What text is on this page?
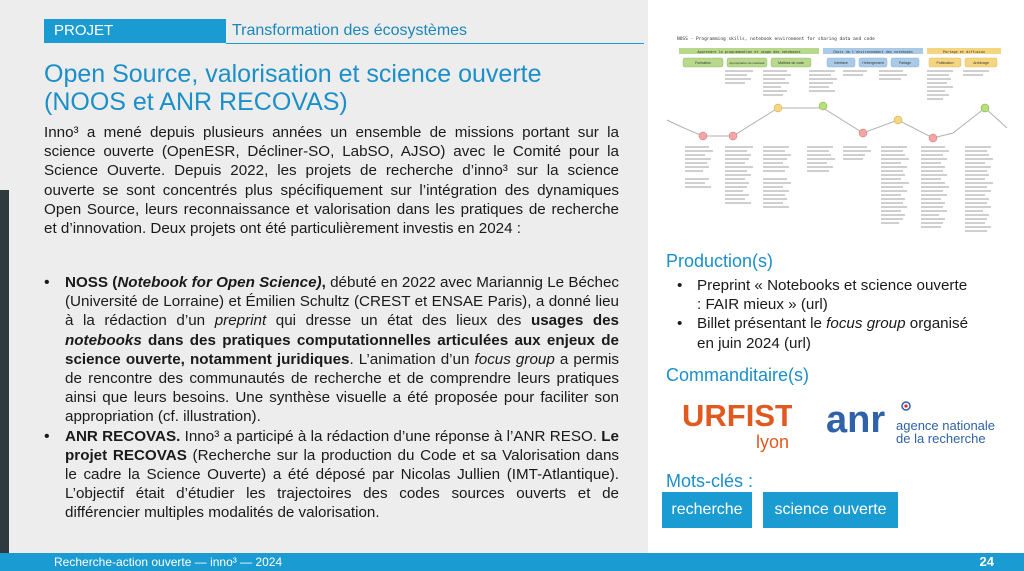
PROJET	Transformation des écosystèmes
Open Source, valorisation et science ouverte
(NOOS et ANR RECOVAS)

Inno³ a mené depuis plusieurs années un ensemble de missions portant sur la science ouverte (OpenESR, Décliner-SO, LabSO, AJSO) avec le Comité pour la Science Ouverte. Depuis 2022, les projets de recherche d’inno³ sur la science ouverte se sont concentrés plus spécifiquement sur l’intégration des dynamiques Open Source, leurs reconnaissance et valorisation dans les pratiques de recherche et d’innovation. Deux projets ont été particulièrement investis en 2024 :

• NOSS (Notebook for Open Science), débuté en 2022 avec Mariannig Le Béchec (Université de Lorraine) et Émilien Schultz (CREST et ENSAE Paris), a donné lieu à la rédaction d’un preprint qui dresse un état des lieux des usages des notebooks dans des pratiques computationnelles articulées aux enjeux de science ouverte, notamment juridiques. L’animation d’un focus group a permis de rencontre des communautés de recherche et de comprendre leurs pratiques ainsi que leurs besoins. Une synthèse visuelle a été proposée pour faciliter son appropriation (cf. illustration).
• ANR RECOVAS. Inno³ a participé à la rédaction d’une réponse à l’ANR RESO. Le projet RECOVAS (Recherche sur la production du Code et sa Valorisation dans le cadre la Science Ouverte) a été déposé par Nicolas Jullien (IMT-Atlantique). L’objectif était d’étudier les trajectoires des codes sources ouverts et de différencier multiples modalités de valorisation.
NOSS - Programming skills, notebook environment for sharing data and code
Apprendre la programmation et usage des notebooks	Choix de l'environnement des notebooks	Partage et diffusion
Formation	Appropriation du notebook	Maîtrise du code	Interface	Hébergement	Partage	Publication	Archivage
Production(s)
• Preprint « Notebooks et science ouverte : FAIR mieux » (url)
• Billet présentant le focus group organisé en juin 2024 (url)
Commanditaire(s)
URFIST
lyon
anr agence nationale
de la recherche
Mots-clés :
recherche	science ouverte
Recherche-action ouverte — inno³ — 2024	24
